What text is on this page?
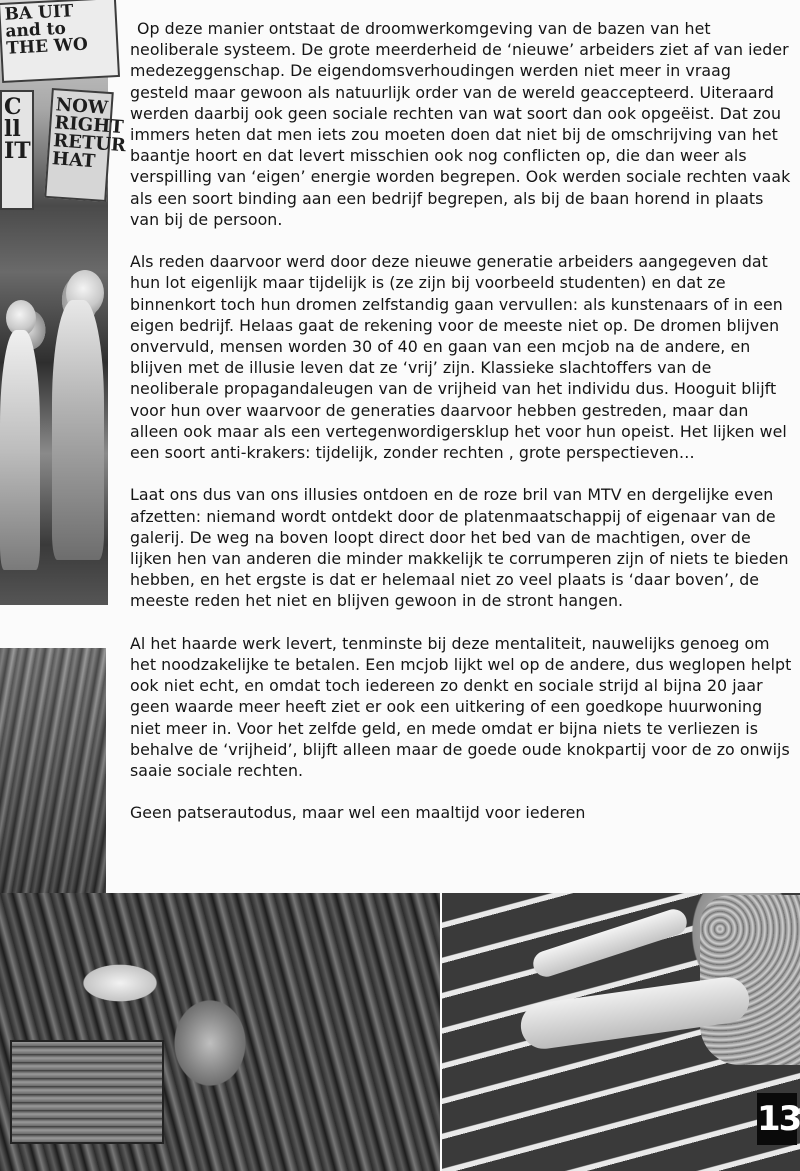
C
ll
IT
NOW
RIGHT
RETUR
HAT
BA UIT
and to
THE WO

Op deze manier ontstaat de droomwerkomgeving van de bazen van het neoliberale systeem. De grote meerderheid de ‘nieuwe’ arbeiders ziet af van ieder medezeggenschap. De eigendomsverhoudingen werden niet meer in vraag gesteld maar gewoon als natuurlijk order van de wereld geaccepteerd. Uiteraard werden daarbij ook geen sociale rechten van wat soort dan ook opgeëist. Dat zou immers heten dat men iets zou moeten doen dat niet bij de omschrijving van het baantje hoort en dat levert misschien ook nog conflicten op, die dan weer als verspilling van ‘eigen’ energie worden begrepen. Ook werden sociale rechten vaak als een soort binding aan een bedrijf begrepen, als bij de baan horend in plaats van bij de persoon.

Als reden daarvoor werd door deze nieuwe generatie arbeiders aangegeven dat hun lot eigenlijk maar tijdelijk is (ze zijn bij voorbeeld studenten) en dat ze binnenkort toch hun dromen zelfstandig gaan vervullen: als kunstenaars of in een eigen bedrijf. Helaas gaat de rekening voor de meeste niet op. De dromen blijven onvervuld, mensen worden 30 of 40 en gaan van een mcjob na de andere, en blijven met de illusie leven dat ze ‘vrij’ zijn. Klassieke slachtoffers van de neoliberale propagandaleugen van de vrijheid van het individu dus. Hooguit blijft voor hun over waarvoor de generaties daarvoor hebben gestreden, maar dan alleen ook maar als een vertegenwordigersklup het voor hun opeist. Het lijken wel een soort anti-krakers: tijdelijk, zonder rechten , grote perspectieven…

Laat ons dus van ons illusies ontdoen en de roze bril van MTV en dergelijke even afzetten: niemand wordt ontdekt door de platenmaatschappij of eigenaar van de galerij. De weg na boven loopt direct door het bed van de machtigen, over de lijken hen van anderen die minder makkelijk te corrumperen zijn of niets te bieden hebben, en het ergste is dat er helemaal niet zo veel plaats is ‘daar boven’, de meeste reden het niet en blijven gewoon in de stront hangen.

Al het haarde werk levert, tenminste bij deze mentaliteit, nauwelijks genoeg om het noodzakelijke te betalen. Een mcjob lijkt wel op de andere, dus weglopen helpt ook niet echt, en omdat toch iedereen zo denkt en sociale strijd al bijna 20 jaar geen waarde meer heeft ziet er ook een uitkering of een goedkope huurwoning niet meer in. Voor het zelfde geld, en mede omdat er bijna niets te verliezen is behalve de ‘vrijheid’, blijft alleen maar de goede oude knokpartij voor de zo onwijs saaie sociale rechten.

Geen patserautodus, maar wel een maaltijd voor iederen

13
